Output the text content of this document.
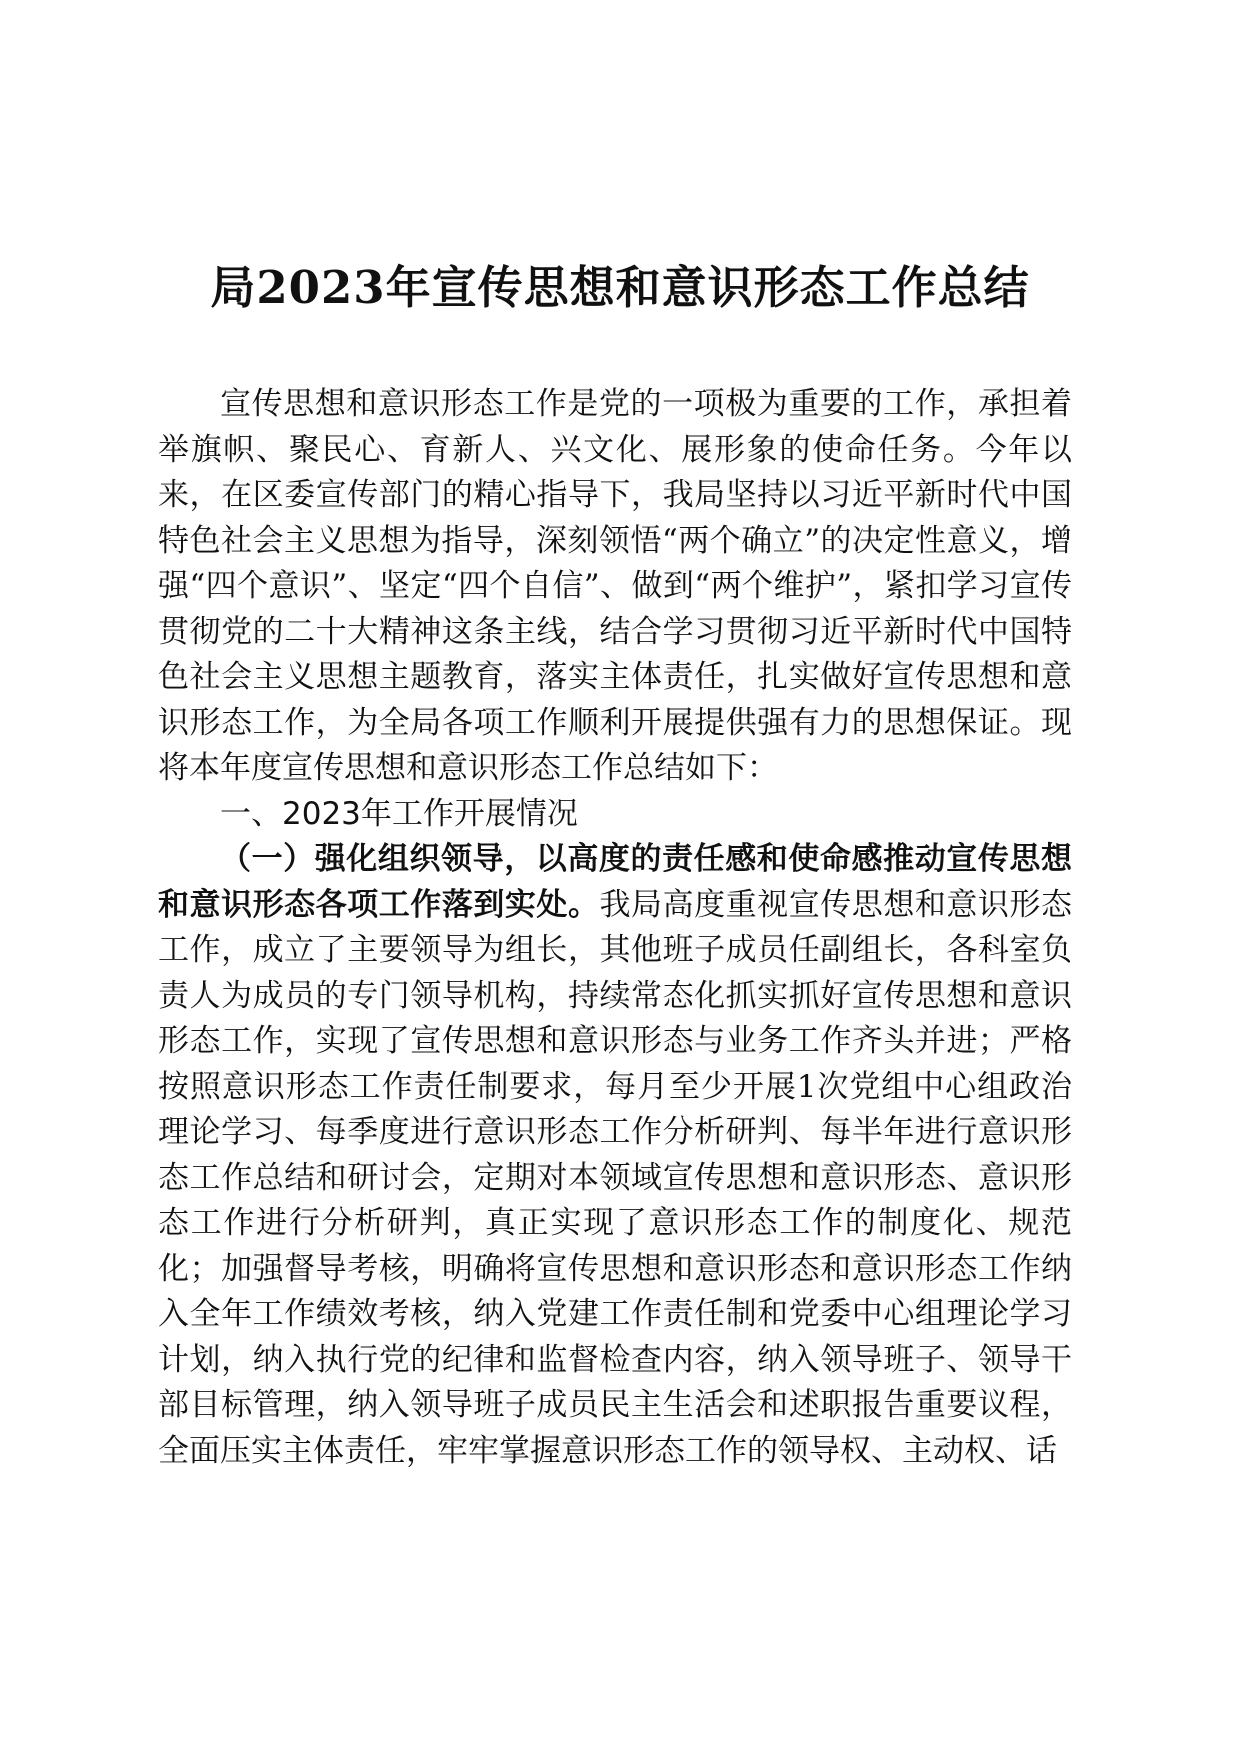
局2023年宣传思想和意识形态工作总结

宣传思想和意识形态工作是党的一项极为重要的工作，承担着举旗帜、聚民心、育新人、兴文化、展形象的使命任务。今年以来，在区委宣传部门的精心指导下，我局坚持以习近平新时代中国特色社会主义思想为指导，深刻领悟“两个确立”的决定性意义，增强“四个意识”、坚定“四个自信”、做到“两个维护”，紧扣学习宣传贯彻党的二十大精神这条主线，结合学习贯彻习近平新时代中国特色社会主义思想主题教育，落实主体责任，扎实做好宣传思想和意识形态工作，为全局各项工作顺利开展提供强有力的思想保证。现将本年度宣传思想和意识形态工作总结如下：

一、2023年工作开展情况

（一）强化组织领导，以高度的责任感和使命感推动宣传思想和意识形态各项工作落到实处。我局高度重视宣传思想和意识形态工作，成立了主要领导为组长，其他班子成员任副组长，各科室负责人为成员的专门领导机构，持续常态化抓实抓好宣传思想和意识形态工作，实现了宣传思想和意识形态与业务工作齐头并进；严格按照意识形态工作责任制要求，每月至少开展1次党组中心组政治理论学习、每季度进行意识形态工作分析研判、每半年进行意识形态工作总结和研讨会，定期对本领域宣传思想和意识形态、意识形态工作进行分析研判，真正实现了意识形态工作的制度化、规范化；加强督导考核，明确将宣传思想和意识形态和意识形态工作纳入全年工作绩效考核，纳入党建工作责任制和党委中心组理论学习计划，纳入执行党的纪律和监督检查内容，纳入领导班子、领导干部目标管理，纳入领导班子成员民主生活会和述职报告重要议程，全面压实主体责任，牢牢掌握意识形态工作的领导权、主动权、话
